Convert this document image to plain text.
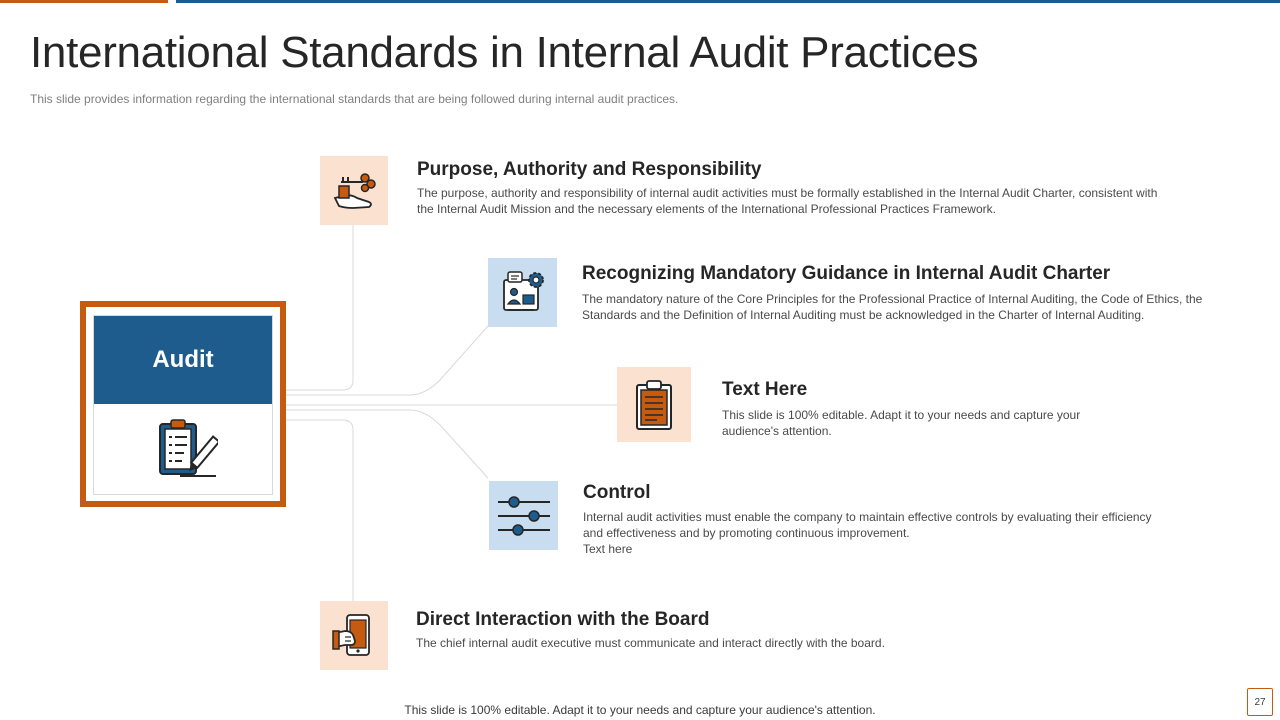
International Standards in Internal Audit Practices

This slide provides information regarding the international standards that are being followed during internal audit practices.

Audit
Purpose, Authority and Responsibility
The purpose, authority and responsibility of internal audit activities must be formally established in the Internal Audit Charter, consistent with the Internal Audit Mission and the necessary elements of the International Professional Practices Framework.
Recognizing Mandatory Guidance in Internal Audit Charter
The mandatory nature of the Core Principles for the Professional Practice of Internal Auditing, the Code of Ethics, the Standards and the Definition of Internal Auditing must be acknowledged in the Charter of Internal Auditing.
Text Here
This slide is 100% editable. Adapt it to your needs and capture your audience's attention.
Control
Internal audit activities must enable the company to maintain effective controls by evaluating their efficiency and effectiveness and by promoting continuous improvement.
Text here
Direct Interaction with the Board
The chief internal audit executive must communicate and interact directly with the board.
This slide is 100% editable. Adapt it to your needs and capture your audience's attention.
27
